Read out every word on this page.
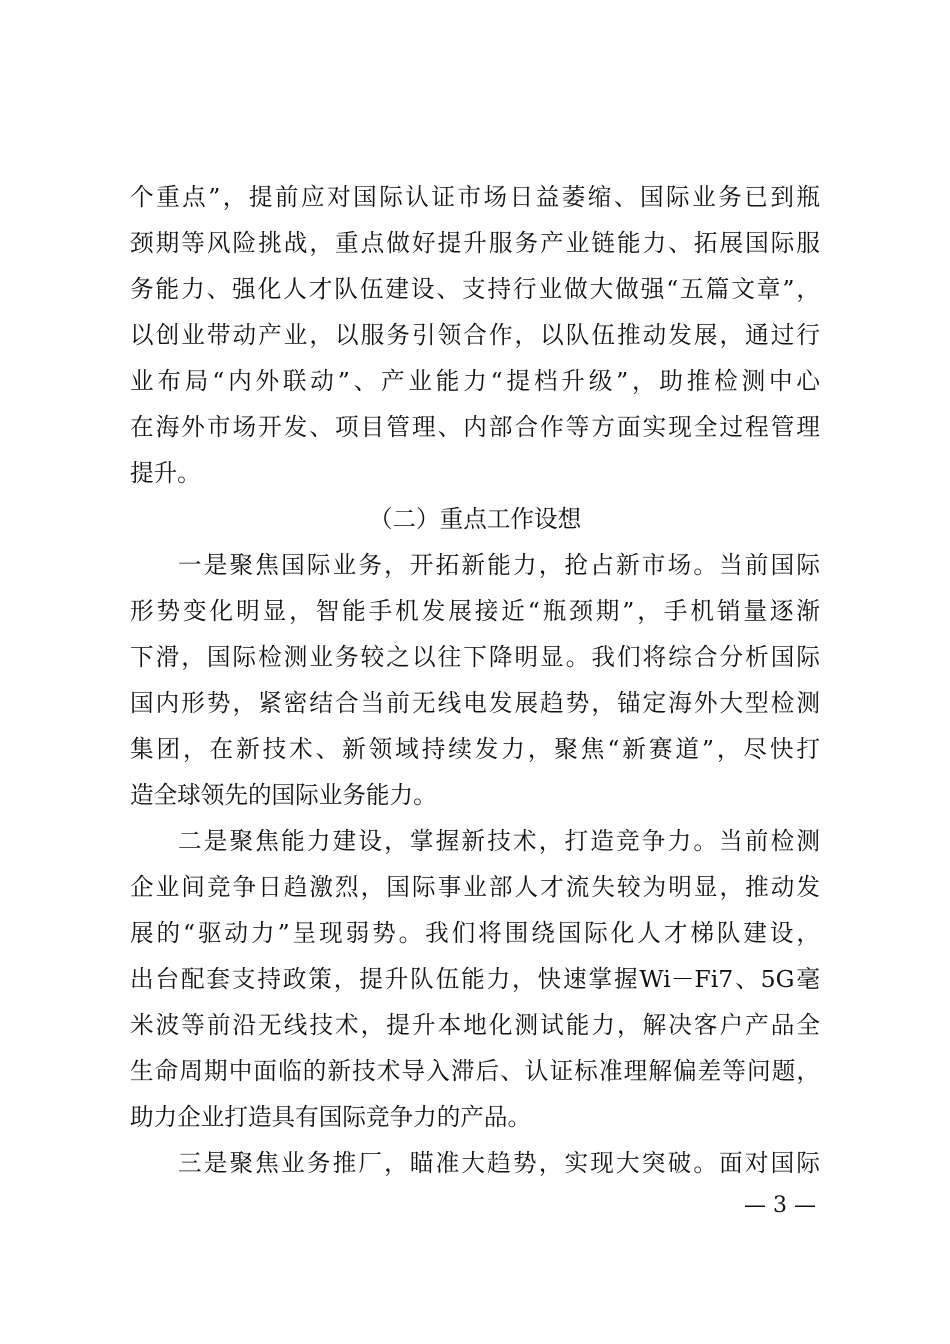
个重点”，提前应对国际认证市场日益萎缩、国际业务已到瓶
颈期等风险挑战，重点做好提升服务产业链能力、拓展国际服
务能力、强化人才队伍建设、支持行业做大做强“五篇文章”，
以创业带动产业，以服务引领合作，以队伍推动发展，通过行
业布局“内外联动”、产业能力“提档升级”，助推检测中心
在海外市场开发、项目管理、内部合作等方面实现全过程管理
提升。
（二）重点工作设想
一是聚焦国际业务，开拓新能力，抢占新市场。当前国际
形势变化明显，智能手机发展接近“瓶颈期”，手机销量逐渐
下滑，国际检测业务较之以往下降明显。我们将综合分析国际
国内形势，紧密结合当前无线电发展趋势，锚定海外大型检测
集团，在新技术、新领域持续发力，聚焦“新赛道”，尽快打
造全球领先的国际业务能力。
二是聚焦能力建设，掌握新技术，打造竞争力。当前检测
企业间竞争日趋激烈，国际事业部人才流失较为明显，推动发
展的“驱动力”呈现弱势。我们将围绕国际化人才梯队建设，
出台配套支持政策，提升队伍能力，快速掌握Wi－Fi7、5G毫
米波等前沿无线技术，提升本地化测试能力，解决客户产品全
生命周期中面临的新技术导入滞后、认证标准理解偏差等问题，
助力企业打造具有国际竞争力的产品。
三是聚焦业务推厂，瞄准大趋势，实现大突破。面对国际
— 3 —
